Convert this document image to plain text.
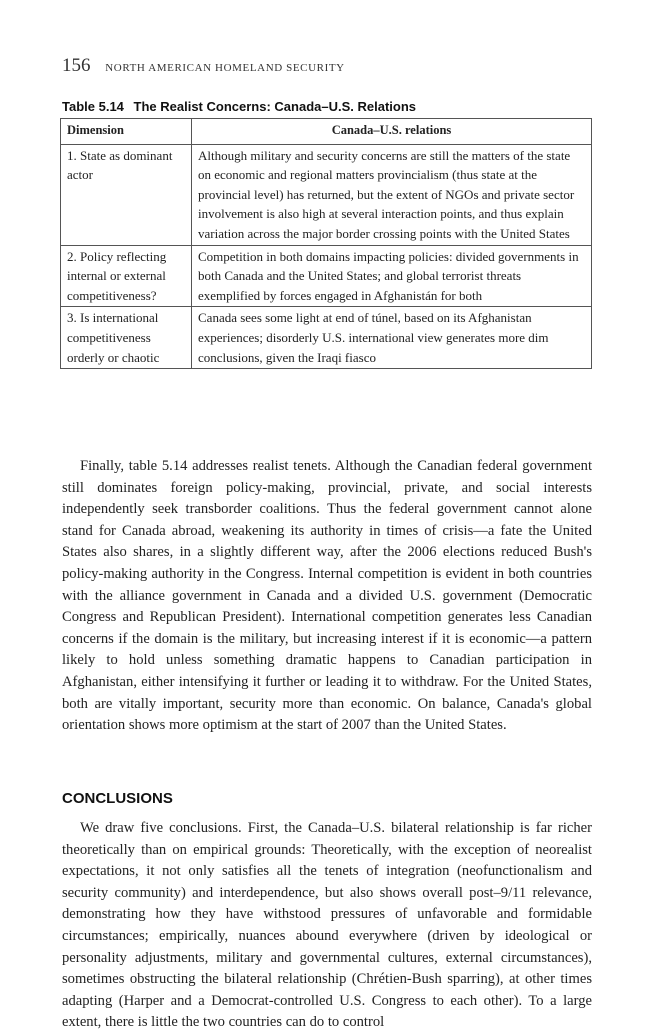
156 NORTH AMERICAN HOMELAND SECURITY
Table 5.14 The Realist Concerns: Canada–U.S. Relations
Dimension	Canada–U.S. relations
1. State as dominant actor	Although military and security concerns are still the matters of the state on economic and regional matters provincialism (thus state at the provincial level) has returned, but the extent of NGOs and private sector involvement is also high at several interaction points, and thus explain variation across the major border crossing points with the United States
2. Policy reflecting internal or external competitiveness?	Competition in both domains impacting policies: divided governments in both Canada and the United States; and global terrorist threats exemplified by forces engaged in Afghanistán for both
3. Is international competitiveness orderly or chaotic	Canada sees some light at end of túnel, based on its Afghanistan experiences; disorderly U.S. international view generates more dim conclusions, given the Iraqi fiasco

Finally, table 5.14 addresses realist tenets. Although the Canadian federal government still dominates foreign policy-making, provincial, private, and social interests independently seek transborder coalitions. Thus the federal government cannot alone stand for Canada abroad, weakening its authority in times of crisis—a fate the United States also shares, in a slightly different way, after the 2006 elections reduced Bush's policy-making authority in the Congress. Internal competition is evident in both countries with the alliance government in Canada and a divided U.S. government (Democratic Congress and Republican President). International competition generates less Canadian concerns if the domain is the military, but increasing interest if it is economic—a pattern likely to hold unless something dramatic happens to Canadian participation in Afghanistan, either intensifying it further or leading it to withdraw. For the United States, both are vitally important, security more than economic. On balance, Canada's global orientation shows more optimism at the start of 2007 than the United States.

CONCLUSIONS

We draw five conclusions. First, the Canada–U.S. bilateral relationship is far richer theoretically than on empirical grounds: Theoretically, with the exception of neorealist expectations, it not only satisfies all the tenets of integration (neofunctionalism and security community) and interdependence, but also shows overall post–9/11 relevance, demonstrating how they have withstood pressures of unfavorable and formidable circumstances; empirically, nuances abound everywhere (driven by ideological or personality adjustments, military and governmental cultures, external circumstances), sometimes obstructing the bilateral relationship (Chrétien-Bush sparring), at other times adapting (Harper and a Democrat-controlled U.S. Congress to each other). To a large extent, there is little the two countries can do to control
